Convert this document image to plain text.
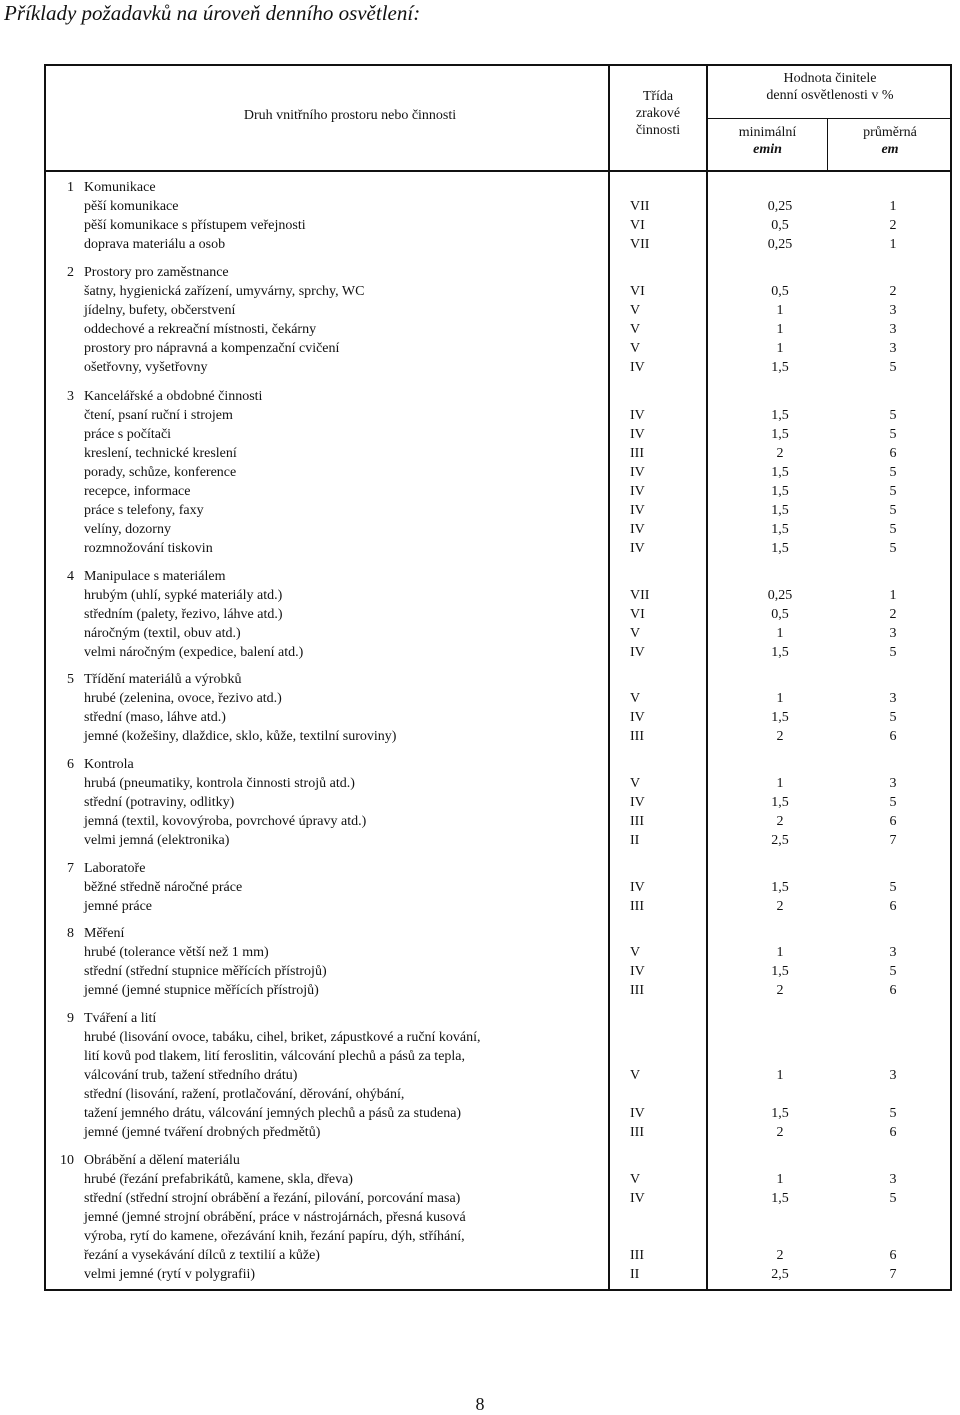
Příklady požadavků na úroveň denního osvětlení:
Druh vnitřního prostoru nebo činnosti
Třída
zrakové
činnosti
Hodnota činitele
denní osvětlenosti v %
minimální
emin
průměrná
em
1 Komunikace
pěší komunikace	VII	0,25	1
pěší komunikace s přístupem veřejnosti	VI	0,5	2
doprava materiálu a osob	VII	0,25	1
2 Prostory pro zaměstnance
šatny, hygienická zařízení, umyvárny, sprchy, WC	VI	0,5	2
jídelny, bufety, občerstvení	V	1	3
oddechové a rekreační místnosti, čekárny	V	1	3
prostory pro nápravná a kompenzační cvičení	V	1	3
ošetřovny, vyšetřovny	IV	1,5	5
3 Kancelářské a obdobné činnosti
čtení, psaní ruční i strojem	IV	1,5	5
práce s počítači	IV	1,5	5
kreslení, technické kreslení	III	2	6
porady, schůze, konference	IV	1,5	5
recepce, informace	IV	1,5	5
práce s telefony, faxy	IV	1,5	5
velíny, dozorny	IV	1,5	5
rozmnožování tiskovin	IV	1,5	5
4 Manipulace s materiálem
hrubým (uhlí, sypké materiály atd.)	VII	0,25	1
středním (palety, řezivo, láhve atd.)	VI	0,5	2
náročným (textil, obuv atd.)	V	1	3
velmi náročným (expedice, balení atd.)	IV	1,5	5
5 Třídění materiálů a výrobků
hrubé (zelenina, ovoce, řezivo atd.)	V	1	3
střední (maso, láhve atd.)	IV	1,5	5
jemné (kožešiny, dlaždice, sklo, kůže, textilní suroviny)	III	2	6
6 Kontrola
hrubá (pneumatiky, kontrola činnosti strojů atd.)	V	1	3
střední (potraviny, odlitky)	IV	1,5	5
jemná (textil, kovovýroba, povrchové úpravy atd.)	III	2	6
velmi jemná (elektronika)	II	2,5	7
7 Laboratoře
běžné středně náročné práce	IV	1,5	5
jemné práce	III	2	6
8 Měření
hrubé (tolerance větší než 1 mm)	V	1	3
střední (střední stupnice měřících přístrojů)	IV	1,5	5
jemné (jemné stupnice měřících přístrojů)	III	2	6
9 Tváření a lití
hrubé (lisování ovoce, tabáku, cihel, briket, zápustkové a ruční kování,
lití kovů pod tlakem, lití feroslitin, válcování plechů a pásů za tepla,
válcování trub, tažení středního drátu)	V	1	3
střední (lisování, ražení, protlačování, děrování, ohýbání,
tažení jemného drátu, válcování jemných plechů a pásů za studena)	IV	1,5	5
jemné (jemné tváření drobných předmětů)	III	2	6
10 Obrábění a dělení materiálu
hrubé (řezání prefabrikátů, kamene, skla, dřeva)	V	1	3
střední (střední strojní obrábění a řezání, pilování, porcování masa)	IV	1,5	5
jemné (jemné strojní obrábění, práce v nástrojárnách, přesná kusová
výroba, rytí do kamene, ořezávání knih, řezání papíru, dýh, stříhání,
řezání a vysekávání dílců z textilií a kůže)	III	2	6
velmi jemné (rytí v polygrafii)	II	2,5	7
8
